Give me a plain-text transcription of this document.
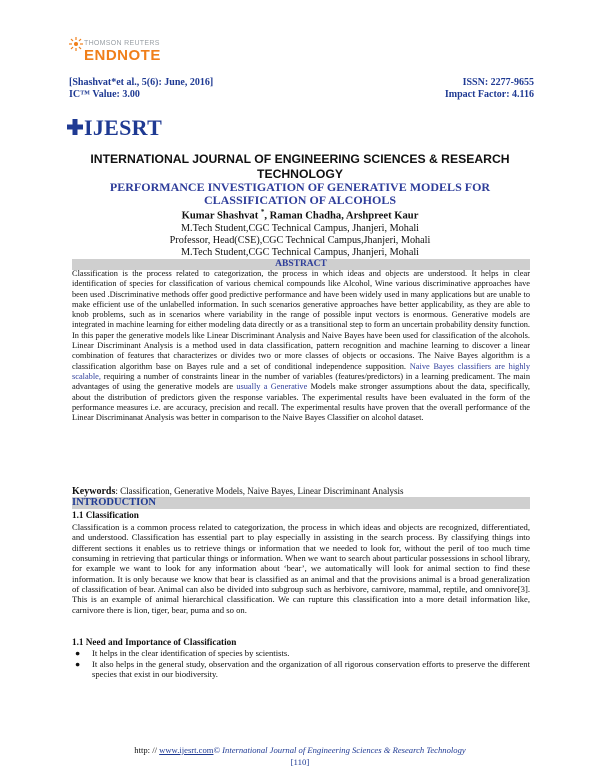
THOMSON REUTERS
ENDNOTE
[Shashvat*et al., 5(6): June, 2016]
IC™ Value: 3.00
ISSN: 2277-9655
Impact Factor: 4.116
IJESRT
INTERNATIONAL JOURNAL OF ENGINEERING SCIENCES & RESEARCH
TECHNOLOGY
PERFORMANCE INVESTIGATION OF GENERATIVE MODELS FOR
CLASSIFICATION OF ALCOHOLS
Kumar Shashvat *, Raman Chadha, Arshpreet Kaur
M.Tech Student,CGC Technical Campus, Jhanjeri, Mohali
Professor, Head(CSE),CGC Technical Campus,Jhanjeri, Mohali
M.Tech Student,CGC Technical Campus, Jhanjeri, Mohali
ABSTRACT
Classification is the process related to categorization, the process in which ideas and objects are understood. It helps in clear identification of species for classification of various chemical compounds like Alcohol, Wine various discriminative approaches have been used .Discriminative methods offer good predictive performance and have been widely used in many applications but are unable to make efficient use of the unlabelled information. In such scenarios generative approaches have better applicability, as they are able to knob problems, such as in scenarios where variability in the range of possible input vectors is enormous. Generative models are integrated in machine learning for either modeling data directly or as a transitional step to form an uncertain probability density function. In this paper the generative models like Linear Discriminant Analysis and Naive Bayes have been used for classification of the alcohols. Linear Discriminant Analysis is a method used in data classification, pattern recognition and machine learning to discover a linear combination of features that characterizes or divides two or more classes of objects or occasions. The Naive Bayes algorithm is a classification algorithm base on Bayes rule and a set of conditional independence supposition. Naive Bayes classifiers are highly scalable, requiring a number of constraints linear in the number of variables (features/predictors) in a learning predicament. The main advantages of using the generative models are usually a Generative Models make stronger assumptions about the data, specifically, about the distribution of predictors given the response variables. The experimental results have been evaluated in the form of the performance measures i.e. are accuracy, precision and recall. The experimental results have proven that the overall performance of the Linear Discriminanat Analysis was better in comparison to the Naive Bayes Classifier on alcohol dataset.
Keywords: Classification, Generative Models, Naive Bayes, Linear Discriminant Analysis
INTRODUCTION
1.1 Classification
Classification is a common process related to categorization, the process in which ideas and objects are recognized, differentiated, and understood. Classification has essential part to play especially in assisting in the search process. By classifying things into different sections it enables us to retrieve things or information that we needed to look for, without the peril of too much time consuming in retrieving that particular things or information. When we want to search about particular possessions in school library, for example we want to look for any information about ‘bear’, we automatically will look for animal section to find these information. It is only because we know that bear is classified as an animal and that the provisions animal is a broad generalization of classification of bear. Animal can also be divided into subgroup such as herbivore, carnivore, mammal, reptile, and omnivore[3]. This is an example of animal hierarchical classification. We can rupture this classification into a more detail information like, carnivore there is lion, tiger, bear, puma and so on.
1.1 Need and Importance of Classification
● It helps in the clear identification of species by scientists.
● It also helps in the general study, observation and the organization of all rigorous conservation efforts to preserve the different species that exist in our biodiversity.
http: // www.ijesrt.com© International Journal of Engineering Sciences & Research Technology
[110]
